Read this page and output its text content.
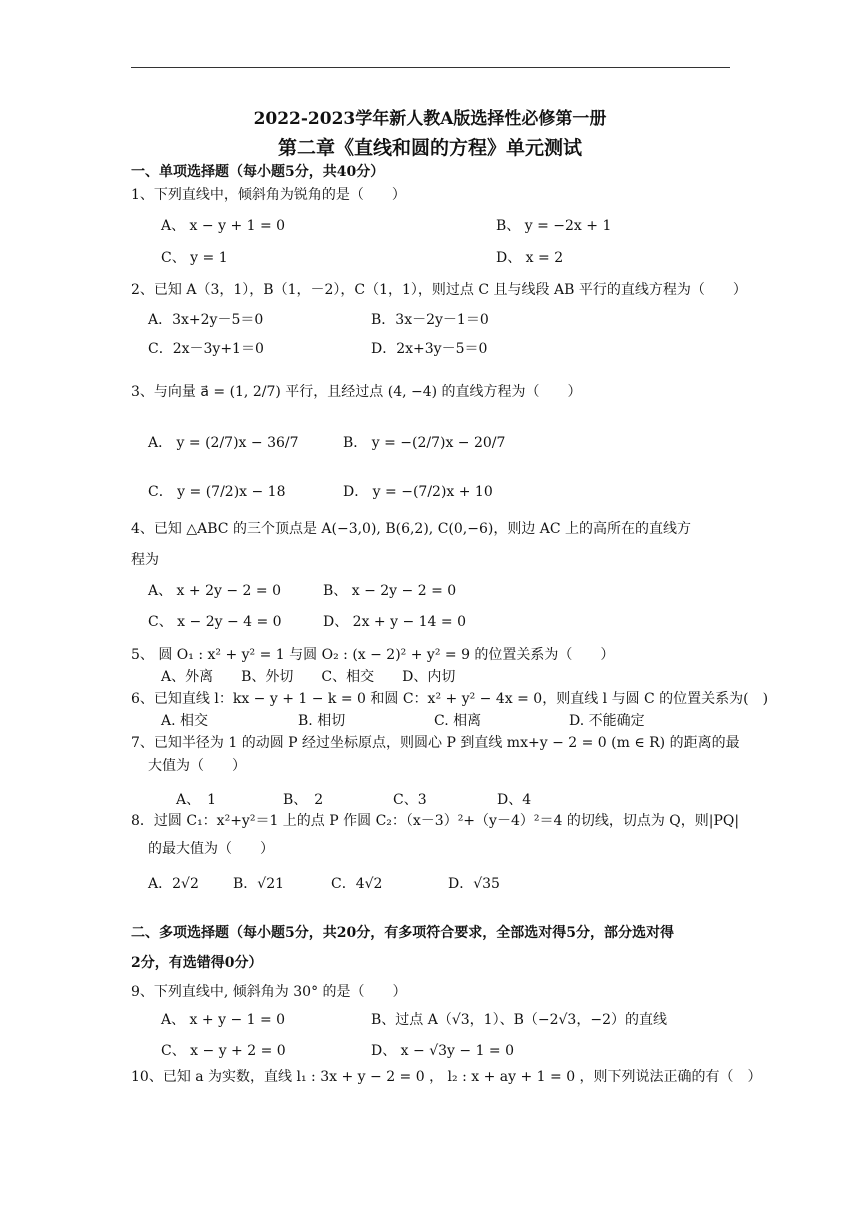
2022-2023学年新人教A版选择性必修第一册
第二章《直线和圆的方程》单元测试
一、单项选择题（每小题5分，共40分）
1、下列直线中，倾斜角为锐角的是（　　）
A、 x − y + 1 = 0	B、 y = −2x + 1
C、 y = 1	D、 x = 2
2、已知 A（3，1），B（1，－2），C（1，1），则过点 C 且与线段 AB 平行的直线方程为（　　）
A．3x+2y－5＝0	B．3x－2y－1＝0
C．2x－3y+1＝0	D．2x+3y－5＝0
3、与向量 a⃗ = (1, 2/7) 平行，且经过点 (4, −4) 的直线方程为（　　）
A． y = (2/7)x − 36/7	B． y = −(2/7)x − 20/7
C． y = (7/2)x − 18	D． y = −(7/2)x + 10
4、已知 △ABC 的三个顶点是 A(−3,0), B(6,2), C(0,−6)，则边 AC 上的高所在的直线方
程为
A、 x + 2y − 2 = 0	B、 x − 2y − 2 = 0
C、 x − 2y − 4 = 0	D、 2x + y − 14 = 0
5、 圆 O₁ : x² + y² = 1 与圆 O₂ : (x − 2)² + y² = 9 的位置关系为（　　）
A、外离　　B、外切　　C、相交　　D、内切
6、已知直线 l：kx − y + 1 − k = 0 和圆 C：x² + y² − 4x = 0，则直线 l 与圆 C 的位置关系为(　)
A. 相交	B. 相切	C. 相离	D. 不能确定
7、已知半径为 1 的动圆 P 经过坐标原点，则圆心 P 到直线 mx+y − 2 = 0 (m ∈ R) 的距离的最
大值为（　　）
A、　1	B、　2	C、3	D、4
8．过圆 C₁：x²+y²＝1 上的点 P 作圆 C₂：（x－3）²+（y－4）²＝4 的切线，切点为 Q，则|PQ|
的最大值为（　　）
A．2√2 B．√21	C．4√2	D．√35
二、多项选择题（每小题5分，共20分，有多项符合要求，全部选对得5分，部分选对得
2分，有选错得0分）
9、下列直线中, 倾斜角为 30° 的是（　　）
A、 x + y − 1 = 0	B、过点 A（√3，1）、B（−2√3，−2）的直线
C、 x − y + 2 = 0	D、 x − √3y − 1 = 0
10、已知 a 为实数，直线 l₁ : 3x + y − 2 = 0 ， l₂ : x + ay + 1 = 0 ，则下列说法正确的有（　）
